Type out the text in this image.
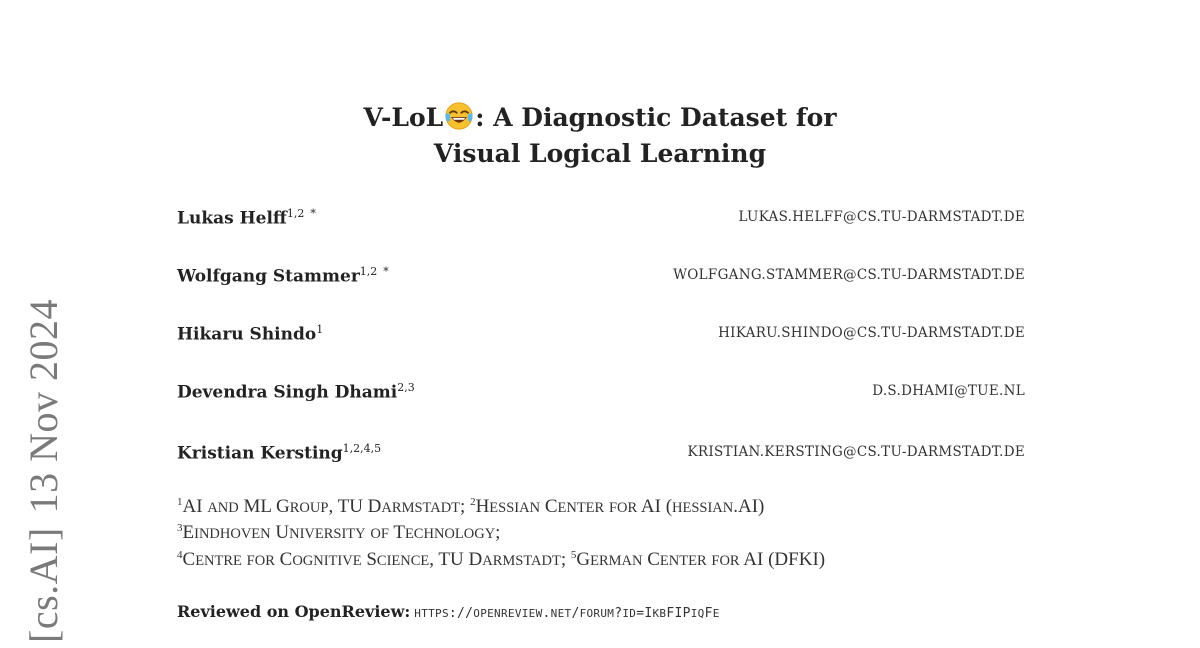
[cs.AI]13 Nov 2024
V-LoL : A Diagnostic Dataset for
Visual Logical Learning
Lukas Helff$^{1,2}$ *	LUKAS.HELFF@CS.TU-DARMSTADT.DE
Wolfgang Stammer$^{1,2}$ *	WOLFGANG.STAMMER@CS.TU-DARMSTADT.DE
Hikaru Shindo$^1$	HIKARU.SHINDO@CS.TU-DARMSTADT.DE
Devendra Singh Dhami$^{2,3}$	D.S.DHAMI@TUE.NL
Kristian Kersting$^{1,2,4,5}$	KRISTIAN.KERSTING@CS.TU-DARMSTADT.DE
$^1$AI AND ML GROUP, TU DARMSTADT; $^2$HESSIAN CENTER FOR AI (HESSIAN.AI)
$^3$EINDHOVEN UNIVERSITY OF TECHNOLOGY;
$^4$CENTRE FOR COGNITIVE SCIENCE, TU DARMSTADT; $^5$GERMAN CENTER FOR AI (DFKI)
Reviewed on OpenReview: HTTPS://OPENREVIEW.NET/FORUM?ID=IKBFIPIQFE
